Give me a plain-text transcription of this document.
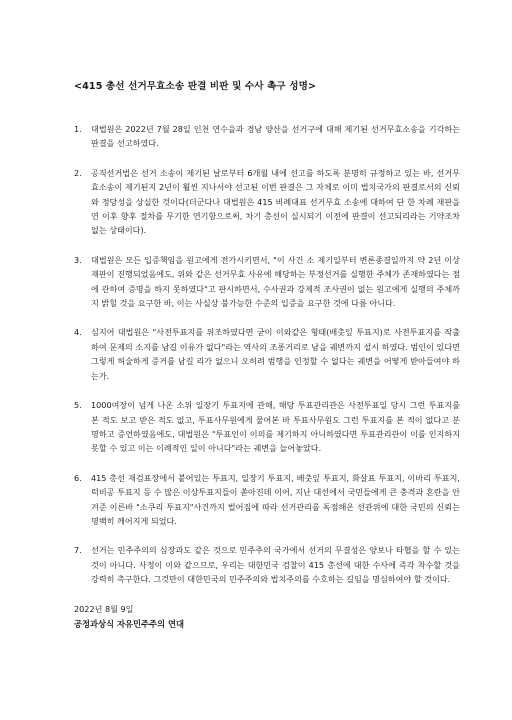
<415 총선 선거무효소송 판결 비판 및 수사 촉구 성명>
1.	대법원은 2022년 7월 28일 인천 연수을과 경남 양산을 선거구에 대해 제기된 선거무효소송을 기각하는 판결을 선고하였다.
2.	공직선거법은 선거 소송이 제기된 날로부터 6개월 내에 선고를 하도록 분명히 규정하고 있는 바, 선거무효소송이 제기된지 2년이 훨씬 지나서야 선고된 이번 판결은 그 자체로 이미 법치국가의 판결로서의 신뢰와 정당성을 상실한 것이다(더군다나 대법원은 415 비례대표 선거무효 소송에 대하여 단 한 차례 재판을 연 이후 향후 절차를 무기한 연기함으로써, 차기 총선이 실시되기 이전에 판결이 선고되리라는 기약조차 없는 상태이다).
3.	대법원은 모든 입증책임을 원고에게 전가시키면서, "이 사건 소 제기일부터 변론종결일까지 약 2년 이상 재판이 진행되었음에도, 위와 같은 선거무효 사유에 해당하는 부정선거를 실행한 주체가 존재하였다는 점에 관하여 증명을 하지 못하였다"고 판시하면서, 수사권과 강제적 조사권이 없는 원고에게 실행의 주체까지 밝힐 것을 요구한 바, 이는 사실상 불가능한 수준의 입증을 요구한 것에 다름 아니다.
4.	심지어 대법원은 "사전투표지를 위조하였다면 굳이 이와같은 형태(배춧잎 투표지)로 사전투표지를 작출하여 문제의 소지를 남길 이유가 없다"라는 역사의 조롱거리로 남을 궤변까지 설시 하였다. 범인이 있다면 그렇게 허술하게 증거를 남길 리가 없으니 오히려 범행을 인정할 수 없다는 궤변을 어떻게 받아들여야 하는가.
5.	1000여장이 넘게 나온 소위 일장기 투표지에 관해, 해당 투표관리관은 사전투표일 당시 그런 투표지를 본 적도 보고 받은 적도 없고, 투표사무원에게 물어본 바 투표사무원도 그런 투표지를 본 적이 없다고 분명하고 증언하였음에도, 대법원은 "투표인이 이의를 제기하지 아니하였다면 투표관리관이 이를 인지하지 못할 수 있고 이는 이례적인 일이 아니다"라는 궤변을 늘어놓았다.
6.	415 총선 재검표장에서 붙어있는 투표지, 일장기 투표지, 배춧잎 투표지, 화살표 투표지, 이바리 투표지, 럭비공 투표지 등 수 많은 이상투표지들이 쏟아진데 이어, 지난 대선에서 국민들에게 큰 충격과 혼란을 안겨준 이른바 "소쿠리 투표지"사건까지 벌어짐에 따라 선거관리를 독점해온 선관위에 대한 국민의 신뢰는 명백히 깨어지게 되었다.
7.	선거는 민주주의의 심장과도 같은 것으로 민주주의 국가에서 선거의 무결성은 양보나 타협을 할 수 있는 것이 아니다. 사정이 이와 같으므로, 우리는 대한민국 검찰이 415 총선에 대한 수사에 즉각 착수할 것을 강력히 촉구한다. 그것만이 대한민국의 민주주의와 법치주의를 수호하는 길임을 명심하여야 할 것이다.
2022년 8월 9일
공정과상식 자유민주주의 연대
